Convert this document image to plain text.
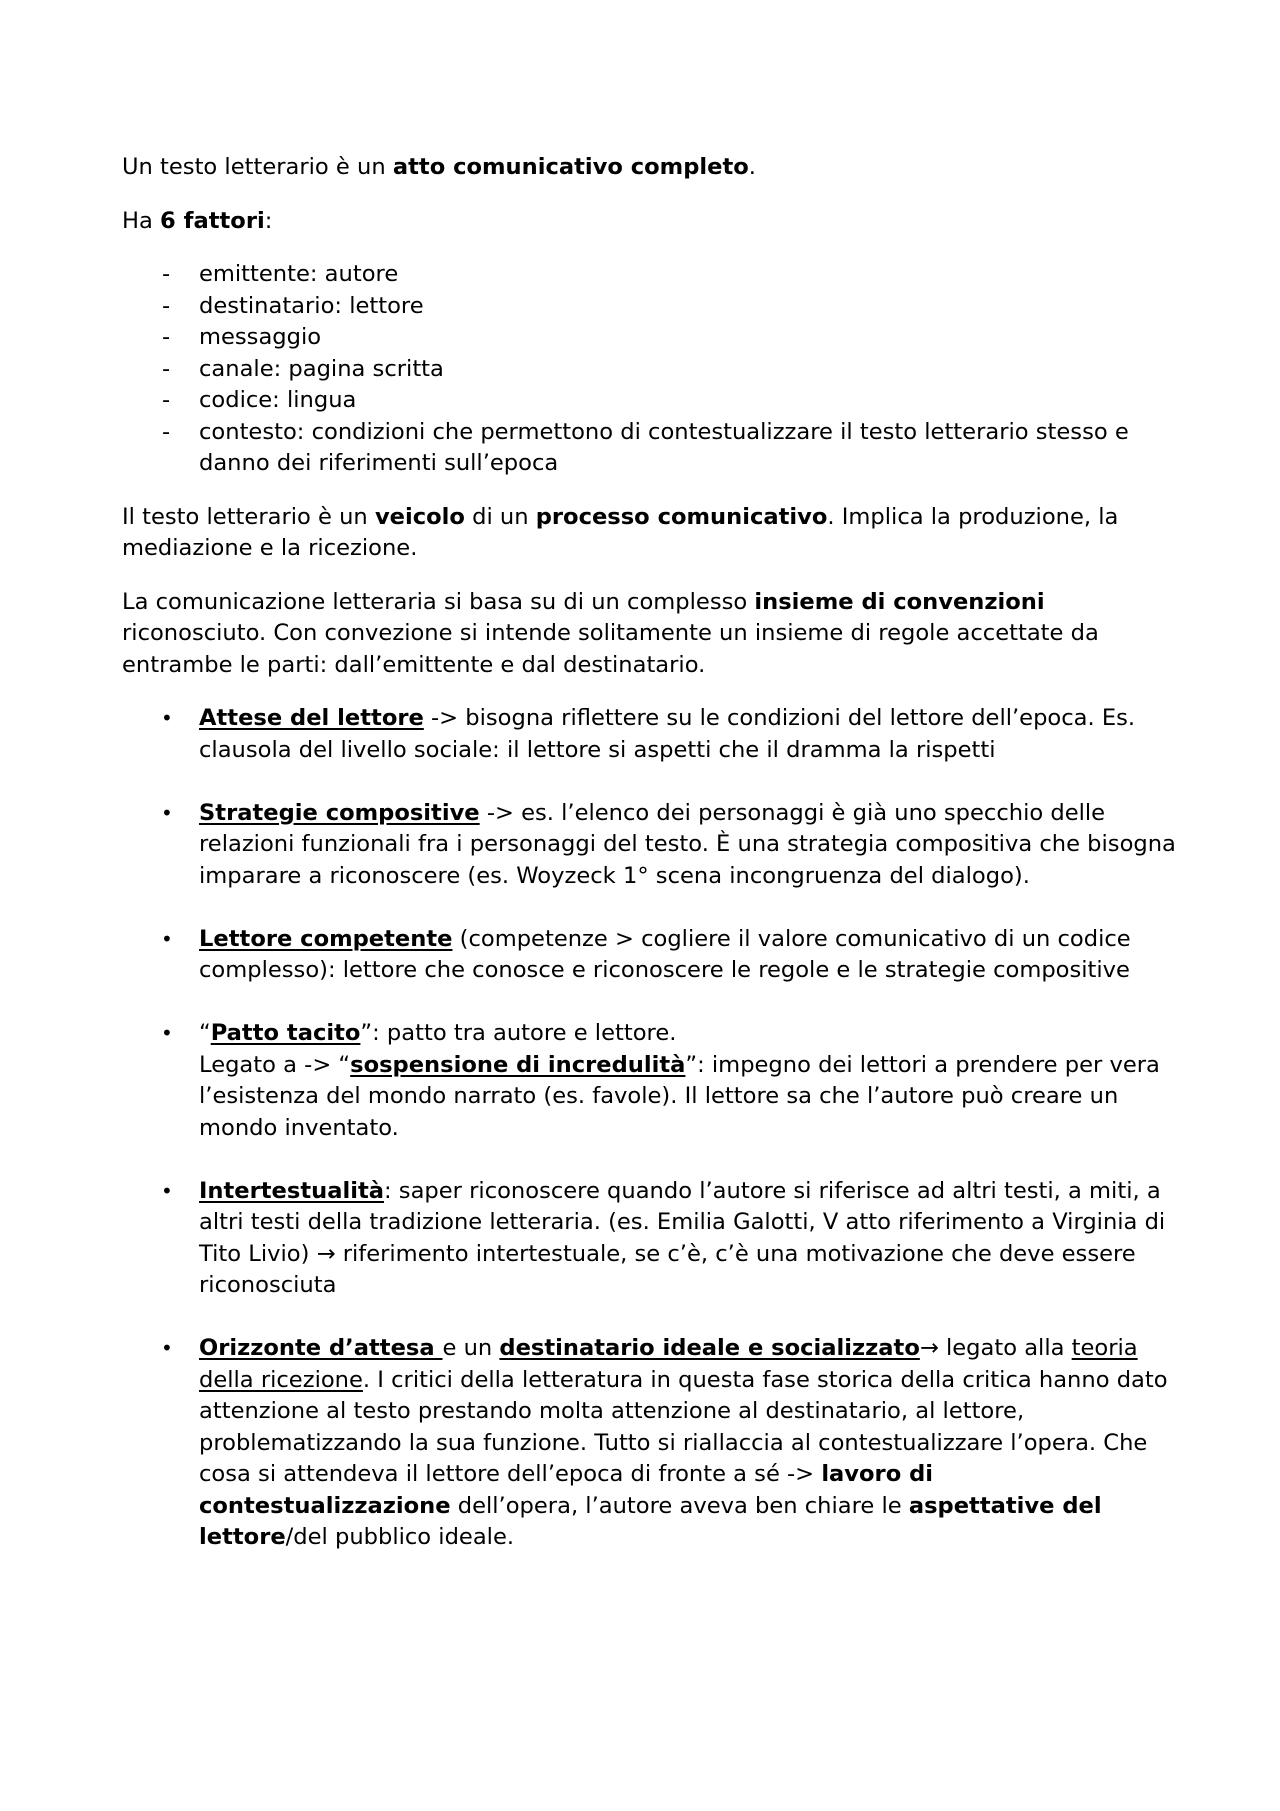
Un testo letterario è un atto comunicativo completo.

Ha 6 fattori:

- emittente: autore
- destinatario: lettore
- messaggio
- canale: pagina scritta
- codice: lingua
- contesto: condizioni che permettono di contestualizzare il testo letterario stesso e danno dei riferimenti sull’epoca

Il testo letterario è un veicolo di un processo comunicativo. Implica la produzione, la mediazione e la ricezione.

La comunicazione letteraria si basa su di un complesso insieme di convenzioni riconosciuto. Con convezione si intende solitamente un insieme di regole accettate da entrambe le parti: dall’emittente e dal destinatario.

• Attese del lettore -> bisogna riflettere su le condizioni del lettore dell’epoca. Es. clausola del livello sociale: il lettore si aspetti che il dramma la rispetti
• Strategie compositive -> es. l’elenco dei personaggi è già uno specchio delle relazioni funzionali fra i personaggi del testo. È una strategia compositiva che bisogna imparare a riconoscere (es. Woyzeck 1° scena incongruenza del dialogo).
• Lettore competente (competenze > cogliere il valore comunicativo di un codice complesso): lettore che conosce e riconoscere le regole e le strategie compositive
• “Patto tacito”: patto tra autore e lettore.
Legato a -> “sospensione di incredulità”: impegno dei lettori a prendere per vera l’esistenza del mondo narrato (es. favole). Il lettore sa che l’autore può creare un mondo inventato.
• Intertestualità: saper riconoscere quando l’autore si riferisce ad altri testi, a miti, a altri testi della tradizione letteraria. (es. Emilia Galotti, V atto riferimento a Virginia di Tito Livio) → riferimento intertestuale, se c’è, c’è una motivazione che deve essere riconosciuta
• Orizzonte d’attesa e un destinatario ideale e socializzato→ legato alla teoria della ricezione. I critici della letteratura in questa fase storica della critica hanno dato attenzione al testo prestando molta attenzione al destinatario, al lettore, problematizzando la sua funzione. Tutto si riallaccia al contestualizzare l’opera. Che cosa si attendeva il lettore dell’epoca di fronte a sé -> lavoro di contestualizzazione dell’opera, l’autore aveva ben chiare le aspettative del lettore/del pubblico ideale.
